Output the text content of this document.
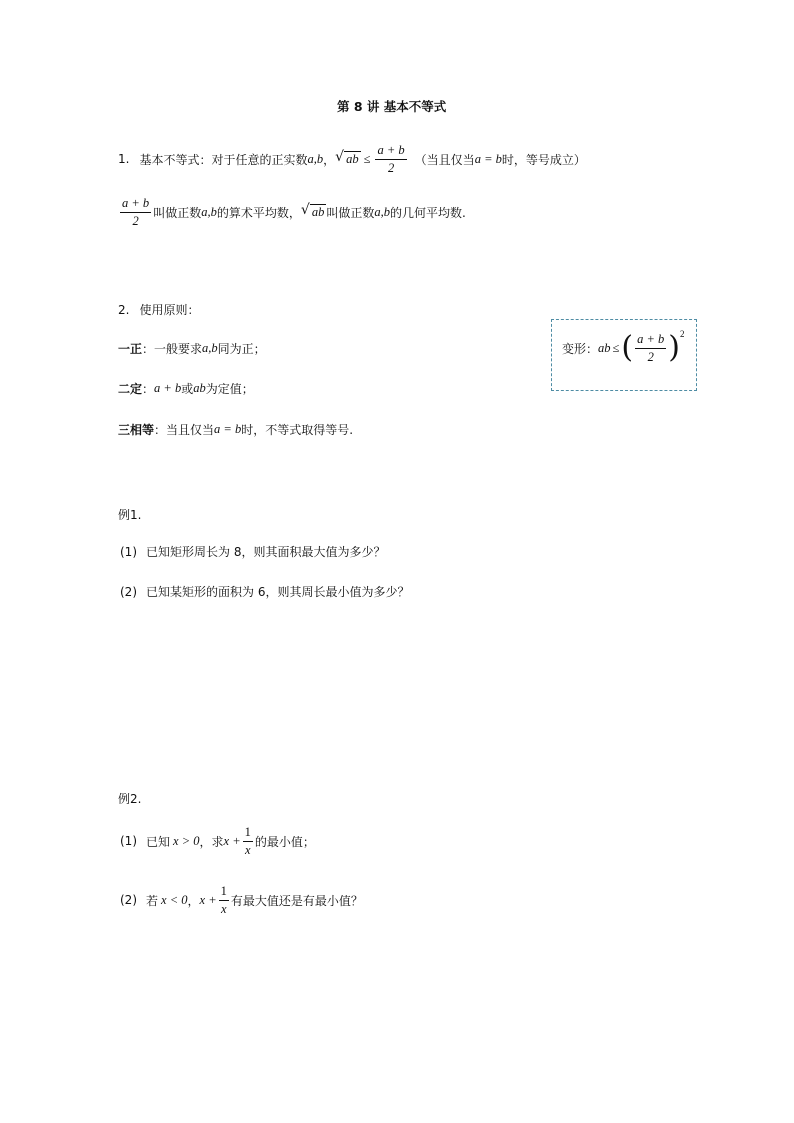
第 8 讲 基本不等式
1. 基本不等式：对于任意的正实数 a,b ， √ ab ≤ $\frac{a + b}{2}$ （当且仅当 a = b 时，等号成立）
$\frac{a + b}{2}$ 叫做正数 a,b 的算术平均数， √ ab 叫做正数 a,b 的几何平均数.
2. 使用原则：
一正 ：一般要求 a,b 同为正；
二定 ： a + b 或 ab 为定值；
三相等 ：当且仅当 a = b 时，不等式取得等号.
变形： ab ≤ ( $\frac{a + b}{2}$ ) 2
例1.
(1) 已知矩形周长为 8，则其面积最大值为多少？
(2) 已知某矩形的面积为 6，则其周长最小值为多少？
例2.
(1) 已知 x > 0 ，求 $x + \frac{1}{x}$ 的最小值；
(2) 若 x < 0 ， $x + \frac{1}{x}$ 有最大值还是有最小值？
